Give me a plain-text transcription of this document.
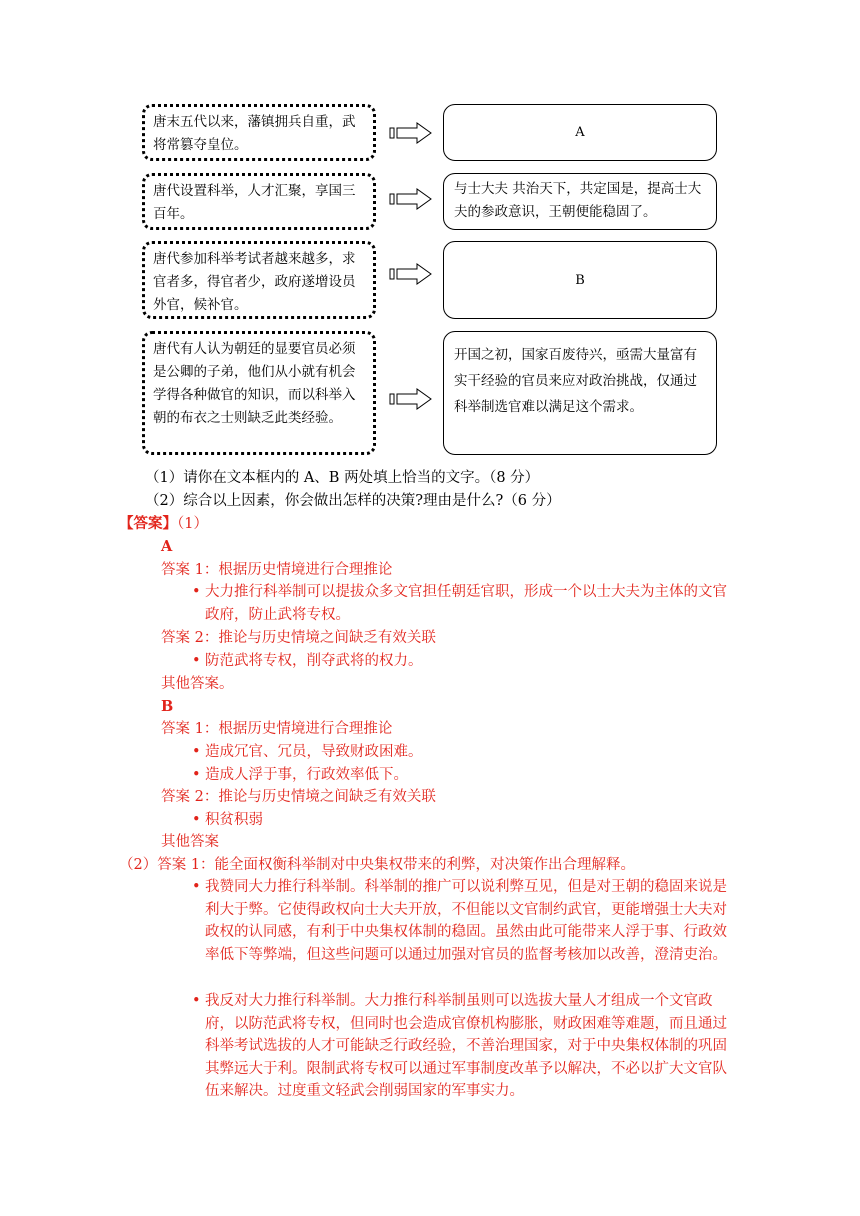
唐末五代以来，藩镇拥兵自重，武将常篡夺皇位。
唐代设置科举，人才汇聚，享国三百年。
唐代参加科举考试者越来越多，求官者多，得官者少，政府遂增设员外官，候补官。
唐代有人认为朝廷的显要官员必须是公卿的子弟，他们从小就有机会学得各种做官的知识，而以科举入朝的布衣之士则缺乏此类经验。
A
与士大夫 共治天下，共定国是，提高士大夫的参政意识，王朝便能稳固了。
B
开国之初，国家百废待兴，亟需大量富有实干经验的官员来应对政治挑战，仅通过科举制选官难以满足这个需求。
（1）请你在文本框内的 A、B 两处填上恰当的文字。（8 分）
（2）综合以上因素，你会做出怎样的决策?理由是什么?（6 分）
【答案】（1）
A
答案 1：根据历史情境进行合理推论
• 大力推行科举制可以提拔众多文官担任朝廷官职，形成一个以士大夫为主体的文官政府，防止武将专权。
答案 2：推论与历史情境之间缺乏有效关联
• 防范武将专权，削夺武将的权力。
其他答案。
B
答案 1：根据历史情境进行合理推论
• 造成冗官、冗员，导致财政困难。
• 造成人浮于事，行政效率低下。
答案 2：推论与历史情境之间缺乏有效关联
• 积贫积弱
其他答案
（2）答案 1：能全面权衡科举制对中央集权带来的利弊，对决策作出合理解释。
• 我赞同大力推行科举制。科举制的推广可以说利弊互见，但是对王朝的稳固来说是利大于弊。它使得政权向士大夫开放，不但能以文官制约武官，更能增强士大夫对政权的认同感，有利于中央集权体制的稳固。虽然由此可能带来人浮于事、行政效率低下等弊端，但这些问题可以通过加强对官员的监督考核加以改善，澄清吏治。
• 我反对大力推行科举制。大力推行科举制虽则可以选拔大量人才组成一个文官政府，以防范武将专权，但同时也会造成官僚机构膨胀，财政困难等难题，而且通过科举考试选拔的人才可能缺乏行政经验，不善治理国家，对于中央集权体制的巩固其弊远大于利。限制武将专权可以通过军事制度改革予以解决，不必以扩大文官队伍来解决。过度重文轻武会削弱国家的军事实力。
